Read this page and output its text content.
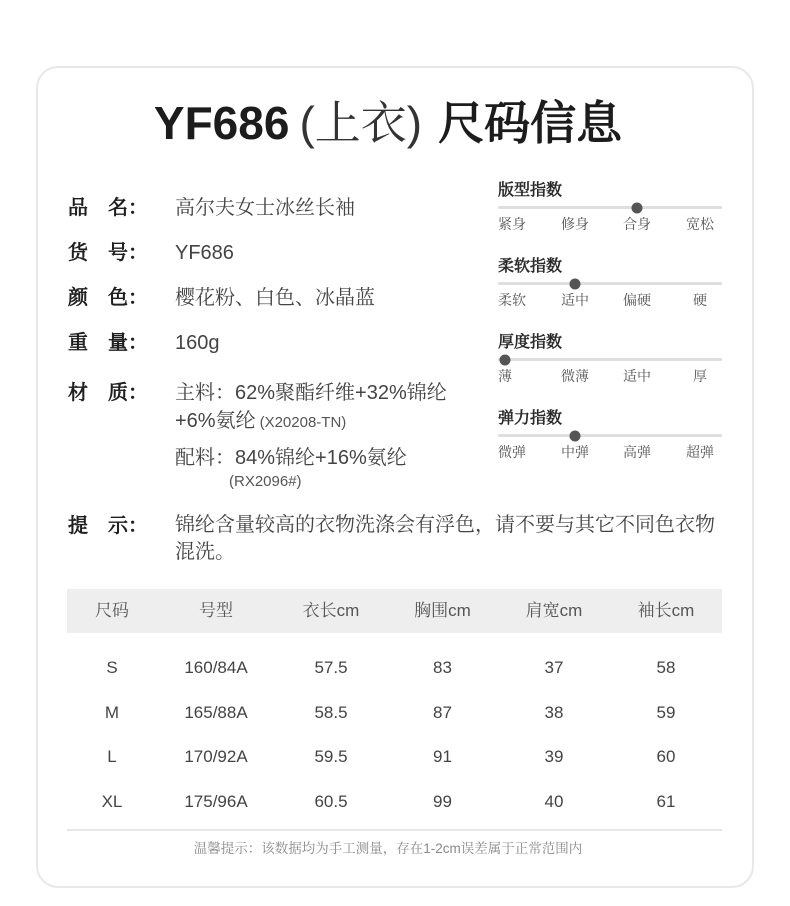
YF686 (上衣) 尺码信息
品　名：	高尔夫女士冰丝长袖
货　号：	YF686
颜　色：	樱花粉、白色、冰晶蓝
重　量：	160g
材　质：	主料：62%聚酯纤维+32%锦纶
+6%氨纶 (X20208-TN)
配料：84%锦纶+16%氨纶
(RX2096#)
提　示：	锦纶含量较高的衣物洗涤会有浮色，请不要与其它不同色衣物混洗。
版型指数
紧身	修身	合身	宽松
柔软指数
柔软	适中	偏硬	硬
厚度指数
薄	微薄	适中	厚
弹力指数
微弹	中弹	高弹	超弹
尺码	号型	衣长cm	胸围cm	肩宽cm	袖长cm
S	160/84A	57.5	83	37	58
M	165/88A	58.5	87	38	59
L	170/92A	59.5	91	39	60
XL	175/96A	60.5	99	40	61
温馨提示：该数据均为手工测量，存在1-2cm误差属于正常范围内
